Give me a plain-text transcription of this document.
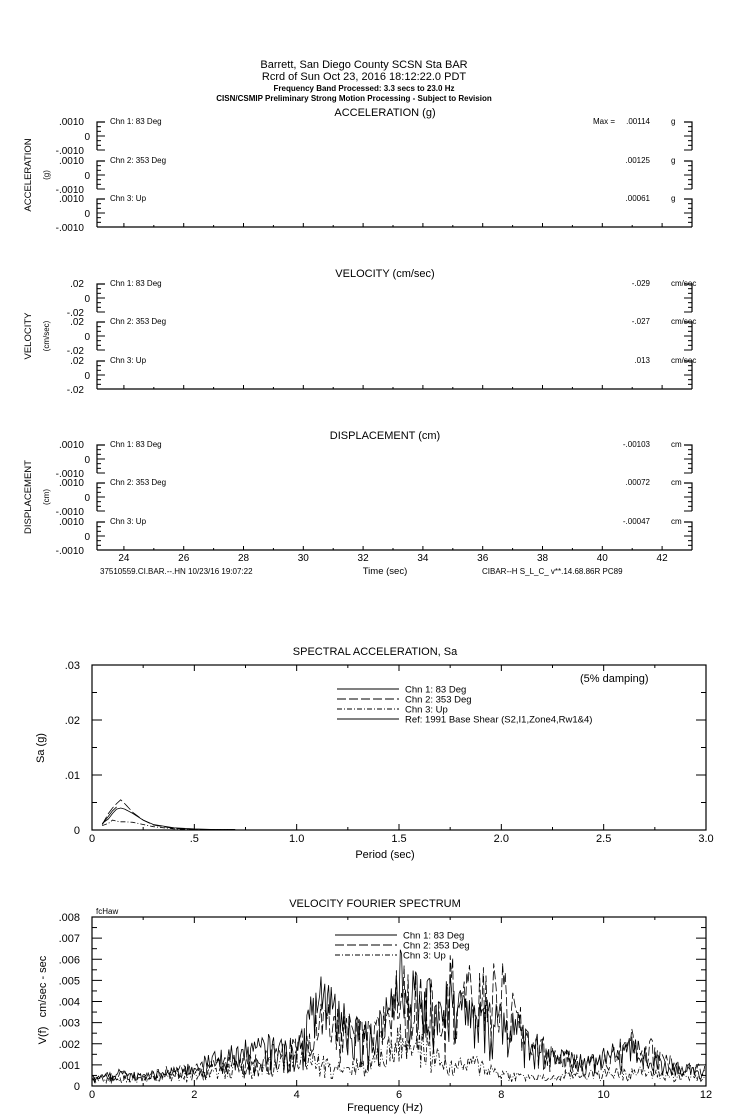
Barrett, San Diego County SCSN Sta BAR
Rcrd of Sun Oct 23, 2016 18:12:22.0 PDT
Frequency Band Processed: 3.3 secs to 23.0 Hz
CISN/CSMIP Preliminary Strong Motion Processing - Subject to Revision
ACCELERATION (g)
ACCELERATION (g)
.0010
0
-.0010
Chn 1: 83 Deg	Max = .00114	g
.0010
0
-.0010
Chn 2: 353 Deg	.00125	g
.0010
0
-.0010
Chn 3: Up	.00061	g
VELOCITY (cm/sec)
VELOCITY (cm/sec)
.02
0
-.02
Chn 1: 83 Deg	-.029	cm/sec
.02
0
-.02
Chn 2: 353 Deg	-.027	cm/sec
.02
0
-.02
Chn 3: Up	.013	cm/sec
DISPLACEMENT (cm)
DISPLACEMENT (cm)
.0010
0
-.0010
Chn 1: 83 Deg	-.00103	cm
.0010
0
-.0010
Chn 2: 353 Deg	.00072	cm
.0010
0
-.0010
Chn 3: Up	-.00047	cm
24	26	28	30	32	34	36	38	40	42
37510559.CI.BAR.--.HN 10/23/16 19:07:22	Time (sec)	CIBAR--H S_L_C_ v**.14.68.86R PC89
SPECTRAL ACCELERATION, Sa
Period (sec)
Sa (g)
(5% damping)
0	.5	1.0	1.5	2.0	2.5	3.0
0
.01
.02
.03
Chn 1: 83 Deg
Chn 2: 353 Deg
Chn 3: Up
Ref: 1991 Base Shear (S2,I1,Zone4,Rw1&4)
VELOCITY FOURIER SPECTRUM
Frequency (Hz)
V(f)   cm/sec - sec
fcHaw
0	2	4	6	8	10	12
0
.001
.002
.003
.004
.005
.006
.007
.008
Chn 1: 83 Deg
Chn 2: 353 Deg
Chn 3: Up
